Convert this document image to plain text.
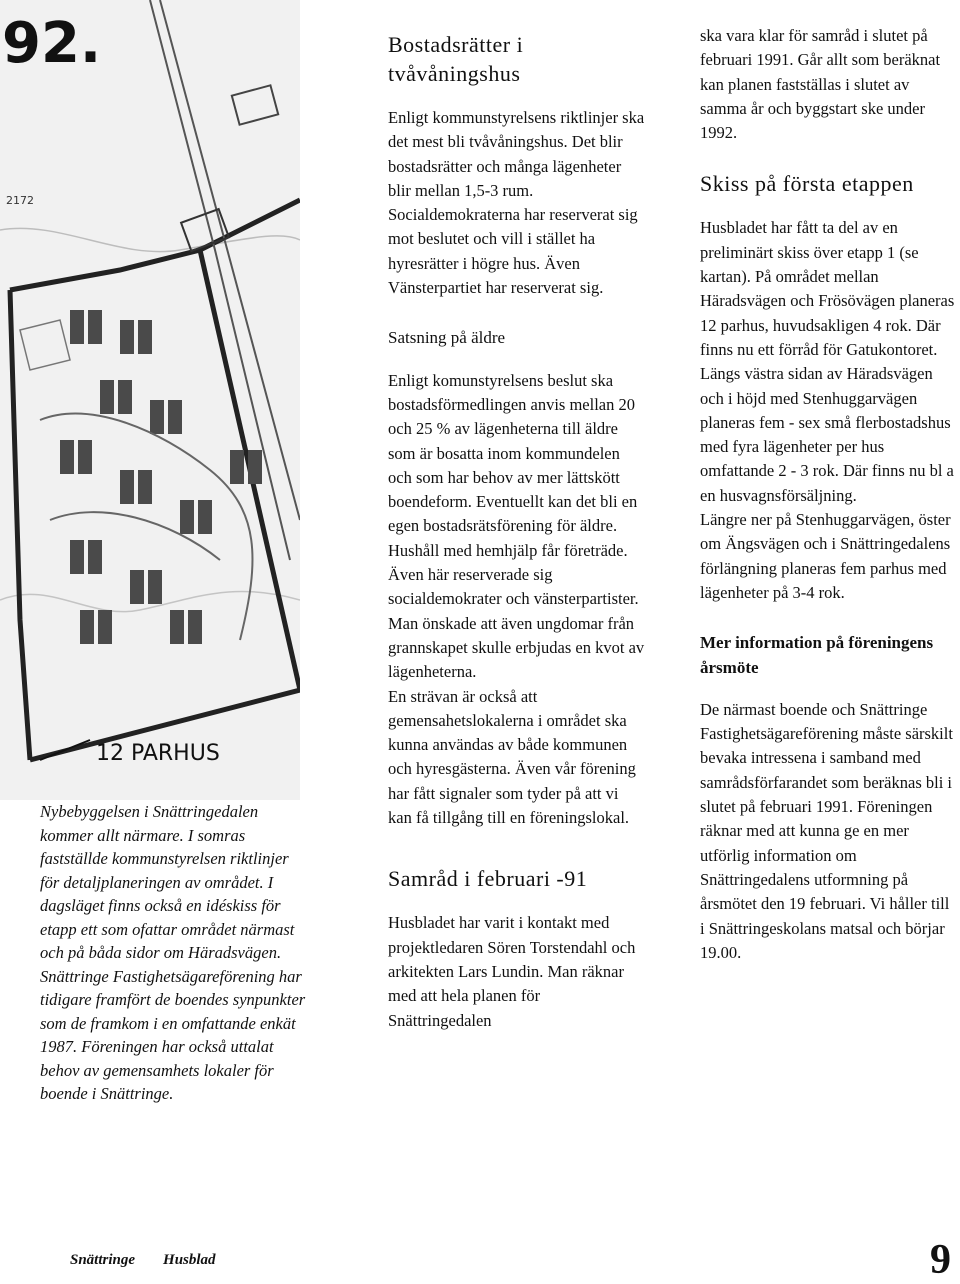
12 PARHUS
2172
92.

Nybebyggelsen i Snättringedalen kommer allt närmare. I somras fastställde kommunstyrelsen riktlinjer för detaljplaneringen av området. I dagsläget finns också en idéskiss för etapp ett som ofattar området närmast och på båda sidor om Häradsvägen. Snättringe Fastighetsägareförening har tidigare framfört de boendes synpunkter som de framkom i en omfattande enkät 1987. Föreningen har också uttalat behov av gemensamhets lokaler för boende i Snättringe.

Bostadsrätter i tvåvåningshus

Enligt kommunstyrelsens riktlinjer ska det mest bli tvåvåningshus. Det blir bostadsrätter och många lägenheter blir mellan 1,5-3 rum. Socialdemokraterna har reserverat sig mot beslutet och vill i stället ha hyresrätter i högre hus. Även Vänsterpartiet har reserverat sig.

Satsning på äldre

Enligt komunstyrelsens beslut ska bostadsförmedlingen anvis mellan 20 och 25 % av lägenheterna till äldre som är bosatta inom kommundelen och som har behov av mer lättskött boendeform. Eventuellt kan det bli en egen bostadsrätsförening för äldre. Hushåll med hemhjälp får företräde. Även här reserverade sig socialdemokrater och vänsterpartister. Man önskade att även ungdomar från grannskapet skulle erbjudas en kvot av lägenheterna.

En strävan är också att gemensahetslokalerna i området ska kunna användas av både kommunen och hyresgästerna. Även vår förening har fått signaler som tyder på att vi kan få tillgång till en föreningslokal.

Samråd i februari -91

Husbladet har varit i kontakt med projektledaren Sören Torstendahl och arkitekten Lars Lundin. Man räknar med att hela planen för Snättringedalen

ska vara klar för samråd i slutet på februari 1991. Går allt som beräknat kan planen fastställas i slutet av samma år och byggstart ske under 1992.

Skiss på första etappen

Husbladet har fått ta del av en preliminärt skiss över etapp 1 (se kartan). På området mellan Häradsvägen och Frösövägen planeras 12 parhus, huvudsakligen 4 rok. Där finns nu ett förråd för Gatukontoret.

Längs västra sidan av Häradsvägen och i höjd med Stenhuggarvägen planeras fem - sex små flerbostadshus med fyra lägenheter per hus omfattande 2 - 3 rok. Där finns nu bl a en husvagnsförsäljning.

Längre ner på Stenhuggarvägen, öster om Ängsvägen och i Snättringedalens förlängning planeras fem parhus med lägenheter på 3-4 rok.

Mer information på föreningens årsmöte

De närmast boende och Snättringe Fastighetsägareförening måste särskilt bevaka intressena i samband med samrådsförfarandet som beräknas bli i slutet på februari 1991. Föreningen räknar med att kunna ge en mer utförlig information om Snättringedalens utformning på årsmötet den 19 februari. Vi håller till i Snättringeskolans matsal och börjar 19.00.

Snättringe Husblad	9
